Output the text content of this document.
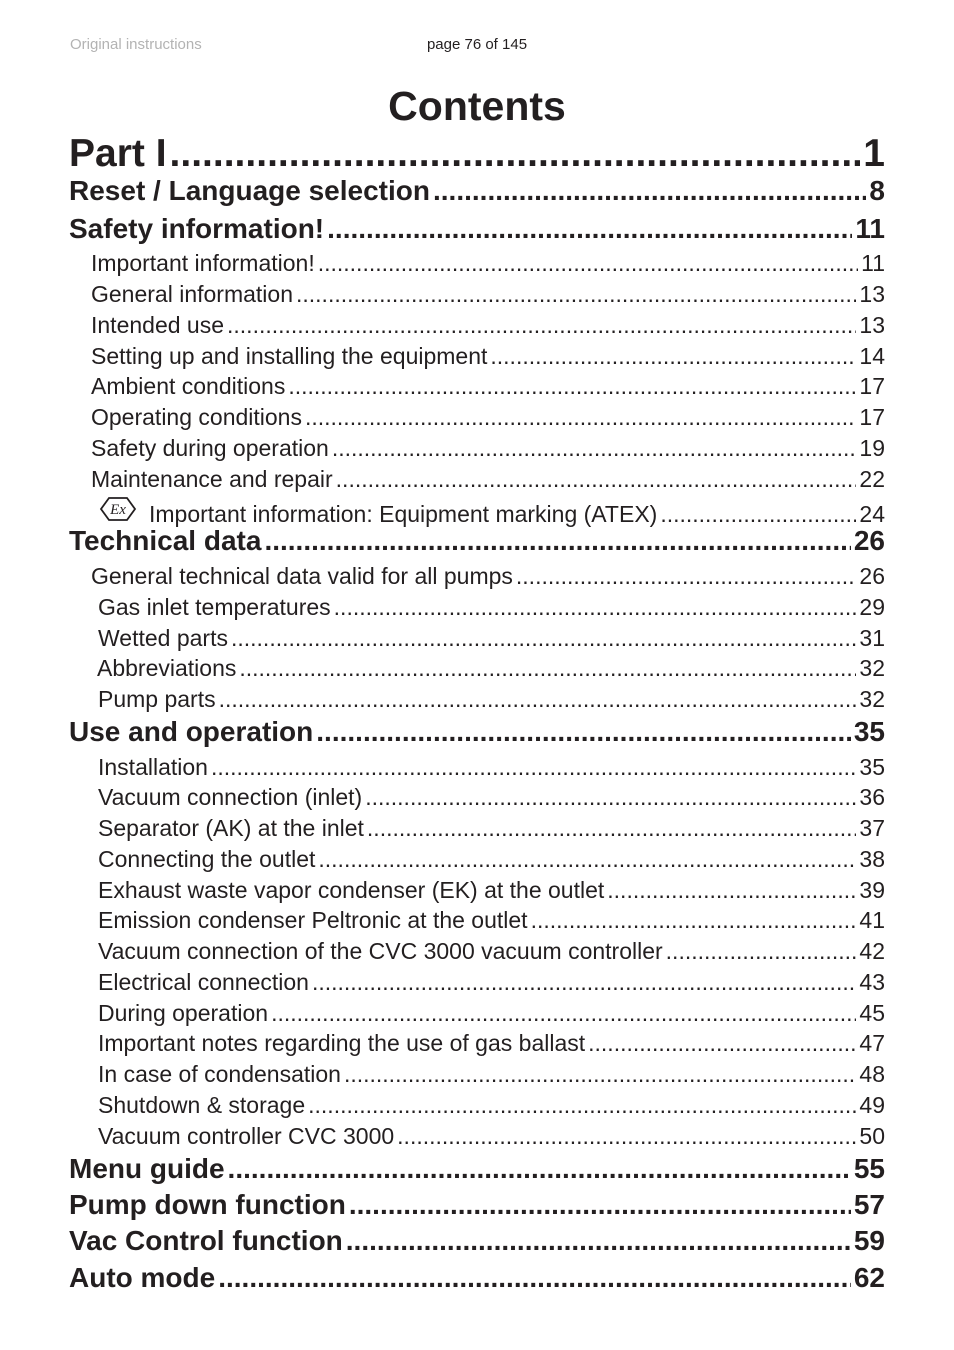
Original instructions	page 76 of 145
Contents
Part I .....	1
Reset / Language selection .....	8
Safety information! .....	11
Important information! .....	11
General information .....	13
Intended use .....	13
Setting up and installing the equipment .....	14
Ambient conditions .....	17
Operating conditions .....	17
Safety during operation .....	19
Maintenance and repair .....	22
Ex Important information: Equipment marking (ATEX) .....	24
Technical data .....	26
General technical data valid for all pumps .....	26
Gas inlet temperatures .....	29
Wetted parts .....	31
Abbreviations .....	32
Pump parts .....	32
Use and operation .....	35
Installation .....	35
Vacuum connection (inlet) .....	36
Separator (AK) at the inlet .....	37
Connecting the outlet .....	38
Exhaust waste vapor condenser (EK) at the outlet .....	39
Emission condenser Peltronic at the outlet .....	41
Vacuum connection of the CVC 3000 vacuum controller .....	42
Electrical connection .....	43
During operation .....	45
Important notes regarding the use of gas ballast .....	47
In case of condensation .....	48
Shutdown & storage .....	49
Vacuum controller CVC 3000 .....	50
Menu guide .....	55
Pump down function .....	57
Vac Control function .....	59
Auto mode .....	62
